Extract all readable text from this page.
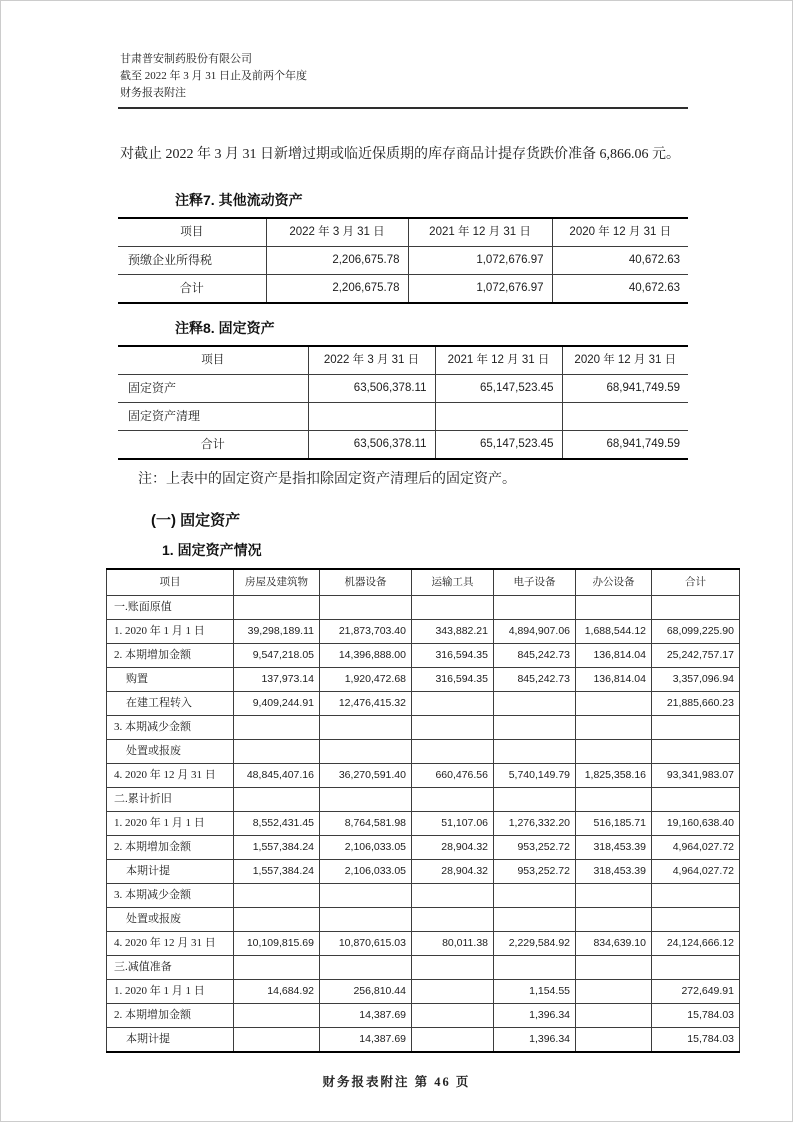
甘肃普安制药股份有限公司
截至 2022 年 3 月 31 日止及前两个年度
财务报表附注

对截止 2022 年 3 月 31 日新增过期或临近保质期的库存商品计提存货跌价准备 6,866.06 元。

注释7. 其他流动资产
项目	2022 年 3 月 31 日	2021 年 12 月 31 日	2020 年 12 月 31 日
预缴企业所得税	2,206,675.78	1,072,676.97	40,672.63
合计	2,206,675.78	1,072,676.97	40,672.63
注释8. 固定资产
项目	2022 年 3 月 31 日	2021 年 12 月 31 日	2020 年 12 月 31 日
固定资产	63,506,378.11	65,147,523.45	68,941,749.59
固定资产清理			
合计	63,506,378.11	65,147,523.45	68,941,749.59

注：上表中的固定资产是指扣除固定资产清理后的固定资产。

(一) 固定资产
1. 固定资产情况
项目	房屋及建筑物	机器设备	运输工具	电子设备	办公设备	合计
一.账面原值						
1. 2020 年 1 月 1 日	39,298,189.11	21,873,703.40	343,882.21	4,894,907.06	1,688,544.12	68,099,225.90
2. 本期增加金额	9,547,218.05	14,396,888.00	316,594.35	845,242.73	136,814.04	25,242,757.17
购置	137,973.14	1,920,472.68	316,594.35	845,242.73	136,814.04	3,357,096.94
在建工程转入	9,409,244.91	12,476,415.32				21,885,660.23
3. 本期减少金额						
处置或报废						
4. 2020 年 12 月 31 日	48,845,407.16	36,270,591.40	660,476.56	5,740,149.79	1,825,358.16	93,341,983.07
二.累计折旧						
1. 2020 年 1 月 1 日	8,552,431.45	8,764,581.98	51,107.06	1,276,332.20	516,185.71	19,160,638.40
2. 本期增加金额	1,557,384.24	2,106,033.05	28,904.32	953,252.72	318,453.39	4,964,027.72
本期计提	1,557,384.24	2,106,033.05	28,904.32	953,252.72	318,453.39	4,964,027.72
3. 本期减少金额						
处置或报废						
4. 2020 年 12 月 31 日	10,109,815.69	10,870,615.03	80,011.38	2,229,584.92	834,639.10	24,124,666.12
三.减值准备						
1. 2020 年 1 月 1 日	14,684.92	256,810.44		1,154.55		272,649.91
2. 本期增加金额		14,387.69		1,396.34		15,784.03
本期计提		14,387.69		1,396.34		15,784.03
财务报表附注 第 46 页
